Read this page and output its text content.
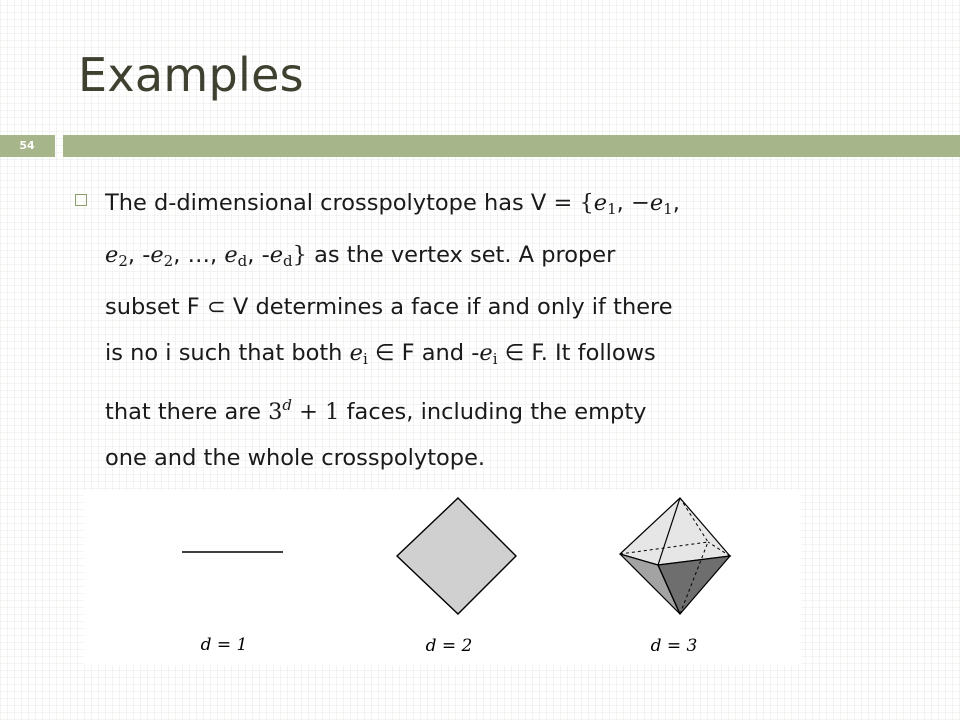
Examples
54
The d-dimensional crosspolytope has V = {e1, −e1,
e2, -e2, …, ed, -ed} as the vertex set. A proper
subset F ⊂ V determines a face if and only if there
is no i such that both ei ∈ F and -ei ∈ F. It follows
that there are $3^d + 1$ faces, including the empty
one and the whole crosspolytope.
d = 1	d = 2	d = 3
